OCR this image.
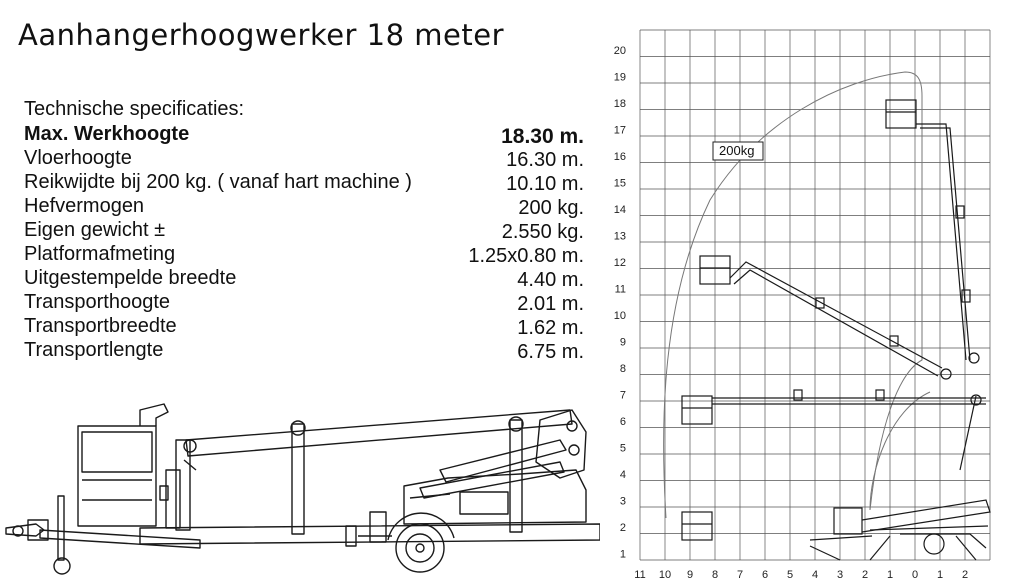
Aanhangerhoogwerker 18 meter
Technische specificaties:
Max. Werkhoogte	18.30 m.
Vloerhoogte	16.30 m.
Reikwijdte bij 200 kg. ( vanaf hart machine )	10.10 m.
Hefvermogen	200 kg.
Eigen gewicht ±	2.550 kg.
Platformafmeting	1.25x0.80 m.
Uitgestempelde breedte	4.40 m.
Transporthoogte	2.01 m.
Transportbreedte	1.62 m.
Transportlengte	6.75 m.
1
2
3
4
5
6
7
8
9
10
11
12
13
14
15
16
17
18
19
20
11 10 9 8 7 6 5 4 3 2 1 0 1 2
200kg
